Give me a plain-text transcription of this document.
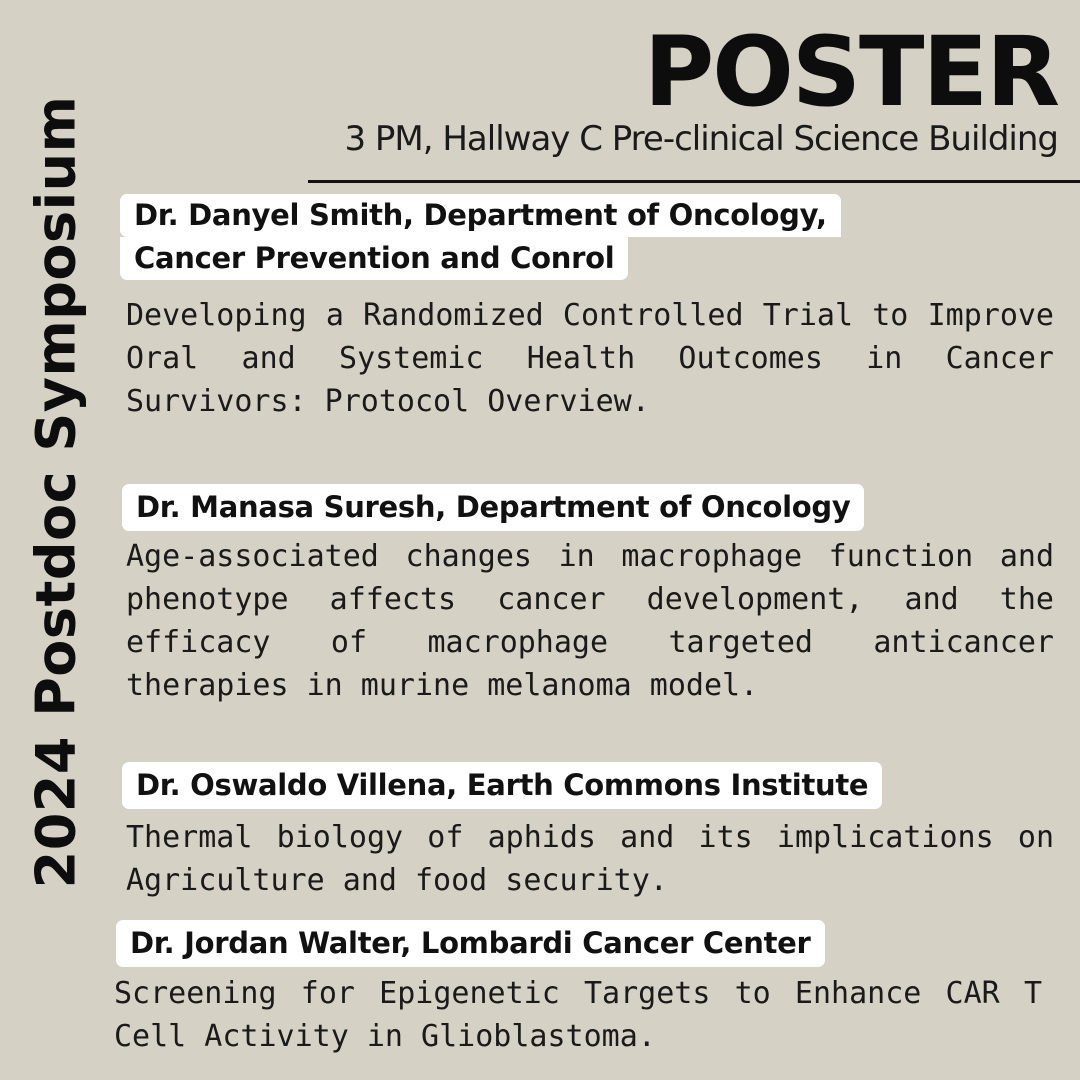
2024 Postdoc Symposium
POSTER
3 PM, Hallway C Pre-clinical Science Building
Dr. Danyel Smith, Department of Oncology,
Cancer Prevention and Conrol
Developing a Randomized Controlled Trial to Improve Oral and Systemic Health Outcomes in Cancer Survivors: Protocol Overview.
Dr. Manasa Suresh, Department of Oncology
Age-associated changes in macrophage function and phenotype affects cancer development, and the efficacy of macrophage targeted anticancer therapies in murine melanoma model.
Dr. Oswaldo Villena, Earth Commons Institute
Thermal biology of aphids and its implications on Agriculture and food security.
Dr. Jordan Walter, Lombardi Cancer Center
Screening for Epigenetic Targets to Enhance CAR T Cell Activity in Glioblastoma.
